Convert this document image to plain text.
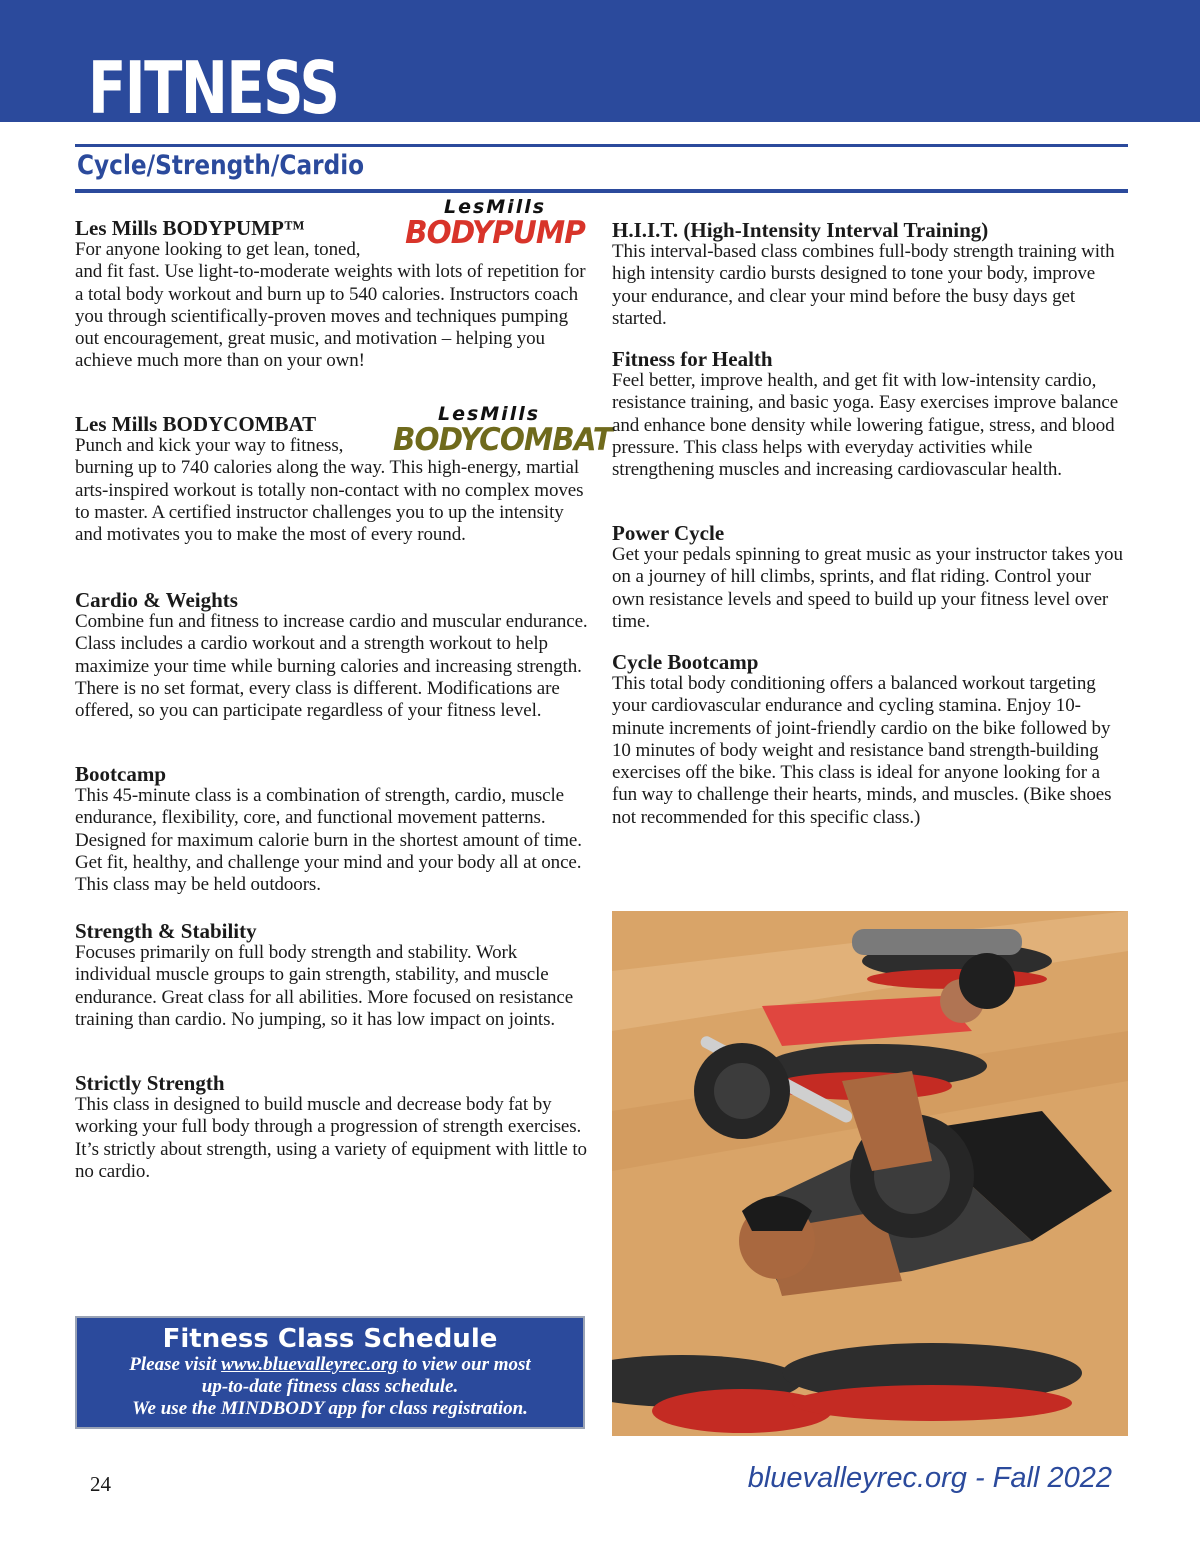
FITNESS
Cycle/Strength/Cardio

Les Mills BODYPUMP™

For anyone looking to get lean, toned, and fit fast. Use light-to-moderate weights with lots of repetition for a total body workout and burn up to 540 calories. Instructors coach you through scientifically-proven moves and techniques pumping out encouragement, great music, and motivation – helping you achieve much more than on your own!

Les Mills BODYCOMBAT

Punch and kick your way to fitness, burning up to 740 calories along the way. This high-energy, martial arts-inspired workout is totally non-contact with no complex moves to master. A certified instructor challenges you to up the intensity and motivates you to make the most of every round.

Cardio & Weights

Combine fun and fitness to increase cardio and muscular endurance. Class includes a cardio workout and a strength workout to help maximize your time while burning calories and increasing strength. There is no set format, every class is different. Modifications are offered, so you can participate regardless of your fitness level.

Bootcamp

This 45-minute class is a combination of strength, cardio, muscle endurance, flexibility, core, and functional movement patterns. Designed for maximum calorie burn in the shortest amount of time. Get fit, healthy, and challenge your mind and your body all at once. This class may be held outdoors.

Strength & Stability

Focuses primarily on full body strength and stability. Work individual muscle groups to gain strength, stability, and muscle endurance. Great class for all abilities. More focused on resistance training than cardio. No jumping, so it has low impact on joints.

Strictly Strength

This class in designed to build muscle and decrease body fat by working your full body through a progression of strength exercises. It’s strictly about strength, using a variety of equipment with little to no cardio.

LesMills
BODYPUMP
LesMills
BODYCOMBAT

H.I.I.T. (High-Intensity Interval Training)

This interval-based class combines full-body strength training with high intensity cardio bursts designed to tone your body, improve your endurance, and clear your mind before the busy days get started.

Fitness for Health

Feel better, improve health, and get fit with low-intensity cardio, resistance training, and basic yoga. Easy exercises improve balance and enhance bone density while lowering fatigue, stress, and blood pressure. This class helps with everyday activities while strengthening muscles and increasing cardiovascular health.

Power Cycle

Get your pedals spinning to great music as your instructor takes you on a journey of hill climbs, sprints, and flat riding. Control your own resistance levels and speed to build up your fitness level over time.

Cycle Bootcamp

This total body conditioning offers a balanced workout targeting your cardiovascular endurance and cycling stamina. Enjoy 10-minute increments of joint-friendly cardio on the bike followed by 10 minutes of body weight and resistance band strength-building exercises off the bike. This class is ideal for anyone looking for a fun way to challenge their hearts, minds, and muscles. (Bike shoes not recommended for this specific class.)

Fitness Class Schedule
Please visit www.bluevalleyrec.org to view our most
up-to-date fitness class schedule.
We use the MINDBODY app for class registration.
24	bluevalleyrec.org - Fall 2022
